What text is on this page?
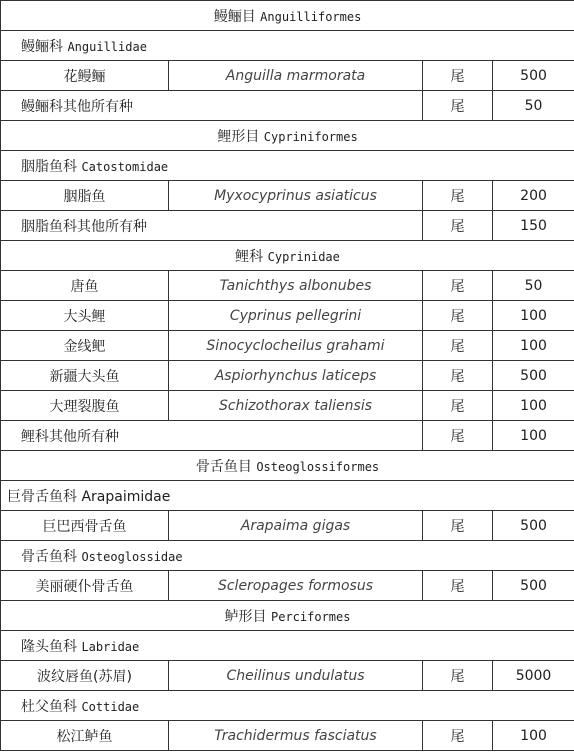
鳗鲡目 Anguilliformes			
鳗鲡科 Anguillidae			
花鳗鲡	Anguilla marmorata	尾	500
鳗鲡科其他所有种		尾	50
鲤形目 Cypriniformes			
胭脂鱼科 Catostomidae			
胭脂鱼	Myxocyprinus asiaticus	尾	200
胭脂鱼科其他所有种		尾	150
鲤科 Cyprinidae			
唐鱼	Tanichthys albonubes	尾	50
大头鲤	Cyprinus pellegrini	尾	100
金线鲃	Sinocyclocheilus grahami	尾	100
新疆大头鱼	Aspiorhynchus laticeps	尾	500
大理裂腹鱼	Schizothorax taliensis	尾	100
鲤科其他所有种		尾	100
骨舌鱼目 Osteoglossiformes			
巨骨舌鱼科 Arapaimidae			
巨巴西骨舌鱼	Arapaima gigas	尾	500
骨舌鱼科 Osteoglossidae			
美丽硬仆骨舌鱼	Scleropages formosus	尾	500
鲈形目 Perciformes			
隆头鱼科 Labridae			
波纹唇鱼(苏眉)	Cheilinus undulatus	尾	5000
杜父鱼科 Cottidae			
松江鲈鱼	Trachidermus fasciatus	尾	100
